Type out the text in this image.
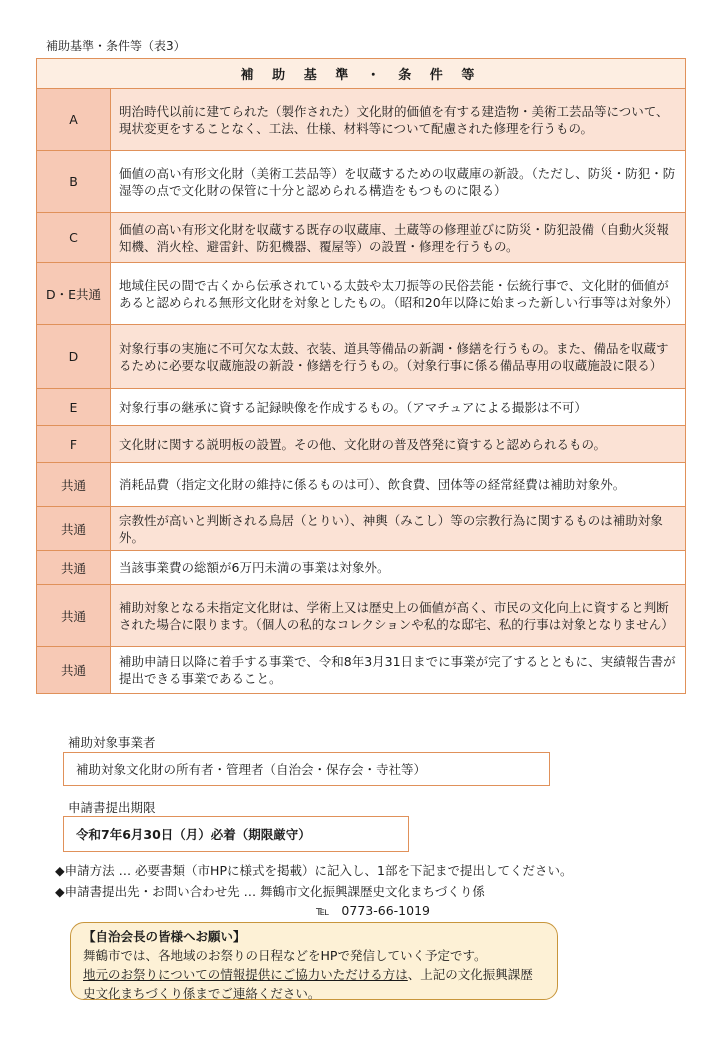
補助基準・条件等（表3）
補 助 基 準 ・ 条 件 等	
A	明治時代以前に建てられた（製作された）文化財的価値を有する建造物・美術工芸品等について、現状変更をすることなく、工法、仕様、材料等について配慮された修理を行うもの。
B	価値の高い有形文化財（美術工芸品等）を収蔵するための収蔵庫の新設。（ただし、防災・防犯・防湿等の点で文化財の保管に十分と認められる構造をもつものに限る）
C	価値の高い有形文化財を収蔵する既存の収蔵庫、土蔵等の修理並びに防災・防犯設備（自動火災報知機、消火栓、避雷針、防犯機器、覆屋等）の設置・修理を行うもの。
D・E共通	地域住民の間で古くから伝承されている太鼓や太刀振等の民俗芸能・伝統行事で、文化財的価値があると認められる無形文化財を対象としたもの。（昭和20年以降に始まった新しい行事等は対象外）
D	対象行事の実施に不可欠な太鼓、衣装、道具等備品の新調・修繕を行うもの。また、備品を収蔵するために必要な収蔵施設の新設・修繕を行うもの。（対象行事に係る備品専用の収蔵施設に限る）
E	対象行事の継承に資する記録映像を作成するもの。（アマチュアによる撮影は不可）
F	文化財に関する説明板の設置。その他、文化財の普及啓発に資すると認められるもの。
共通	消耗品費（指定文化財の維持に係るものは可）、飲食費、団体等の経常経費は補助対象外。
共通	宗教性が高いと判断される鳥居（とりい）、神輿（みこし）等の宗教行為に関するものは補助対象外。
共通	当該事業費の総額が6万円未満の事業は対象外。
共通	補助対象となる未指定文化財は、学術上又は歴史上の価値が高く、市民の文化向上に資すると判断された場合に限ります。（個人の私的なコレクションや私的な邸宅、私的行事は対象となりません）
共通	補助申請日以降に着手する事業で、令和8年3月31日までに事業が完了するとともに、実績報告書が提出できる事業であること。
補助対象事業者
補助対象文化財の所有者・管理者（自治会・保存会・寺社等）
申請書提出期限
令和7年6月30日（月）必着（期限厳守）
◆申請方法 … 必要書類（市HPに様式を掲載）に記入し、1部を下記まで提出してください。
◆申請書提出先・お問い合わせ先 … 舞鶴市文化振興課歴史文化まちづくり係
℡ 0773-66-1019
【自治会長の皆様へお願い】
舞鶴市では、各地域のお祭りの日程などをHPで発信していく予定です。
地元のお祭りについての情報提供にご協力いただける方は、上記の文化振興課歴史文化まちづくり係までご連絡ください。
